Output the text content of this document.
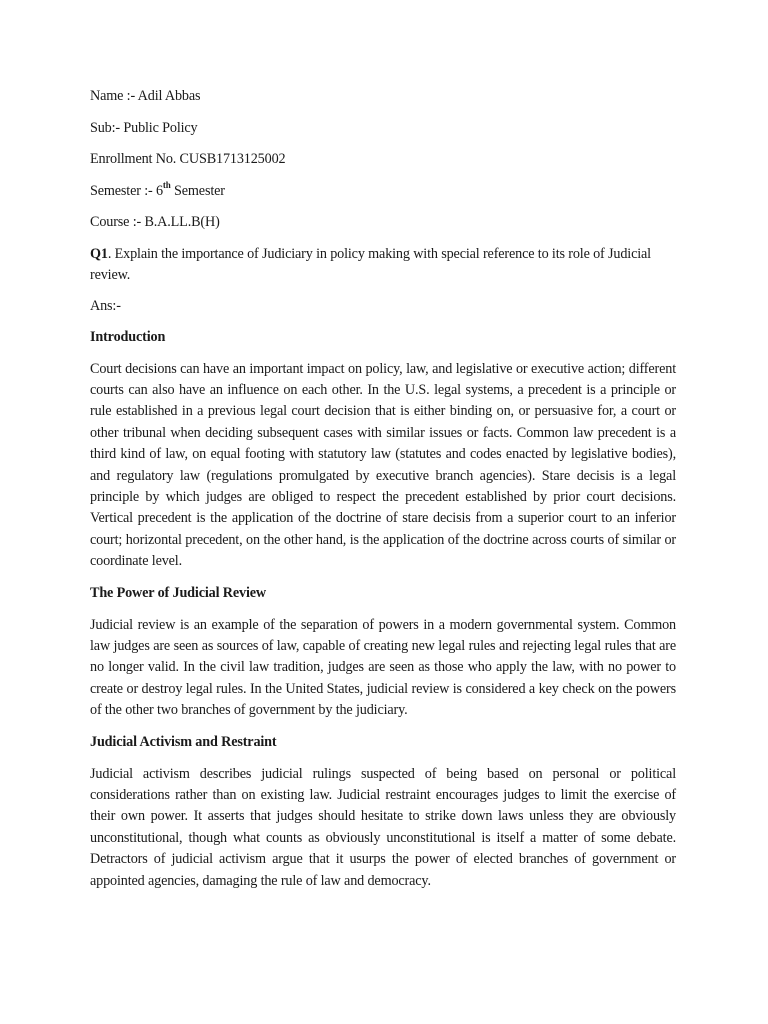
Name :- Adil Abbas
Sub:- Public Policy
Enrollment No. CUSB1713125002
Semester :- 6th Semester
Course :- B.A.LL.B(H)
Q1. Explain the importance of Judiciary in policy making with special reference to its role of Judicial review.
Ans:-
Introduction
Court decisions can have an important impact on policy, law, and legislative or executive action; different courts can also have an influence on each other. In the U.S. legal systems, a precedent is a principle or rule established in a previous legal court decision that is either binding on, or persuasive for, a court or other tribunal when deciding subsequent cases with similar issues or facts. Common law precedent is a third kind of law, on equal footing with statutory law (statutes and codes enacted by legislative bodies), and regulatory law (regulations promulgated by executive branch agencies). Stare decisis is a legal principle by which judges are obliged to respect the precedent established by prior court decisions. Vertical precedent is the application of the doctrine of stare decisis from a superior court to an inferior court; horizontal precedent, on the other hand, is the application of the doctrine across courts of similar or coordinate level.
The Power of Judicial Review
Judicial review is an example of the separation of powers in a modern governmental system. Common law judges are seen as sources of law, capable of creating new legal rules and rejecting legal rules that are no longer valid. In the civil law tradition, judges are seen as those who apply the law, with no power to create or destroy legal rules. In the United States, judicial review is considered a key check on the powers of the other two branches of government by the judiciary.
Judicial Activism and Restraint
Judicial activism describes judicial rulings suspected of being based on personal or political considerations rather than on existing law. Judicial restraint encourages judges to limit the exercise of their own power. It asserts that judges should hesitate to strike down laws unless they are obviously unconstitutional, though what counts as obviously unconstitutional is itself a matter of some debate. Detractors of judicial activism argue that it usurps the power of elected branches of government or appointed agencies, damaging the rule of law and democracy.
